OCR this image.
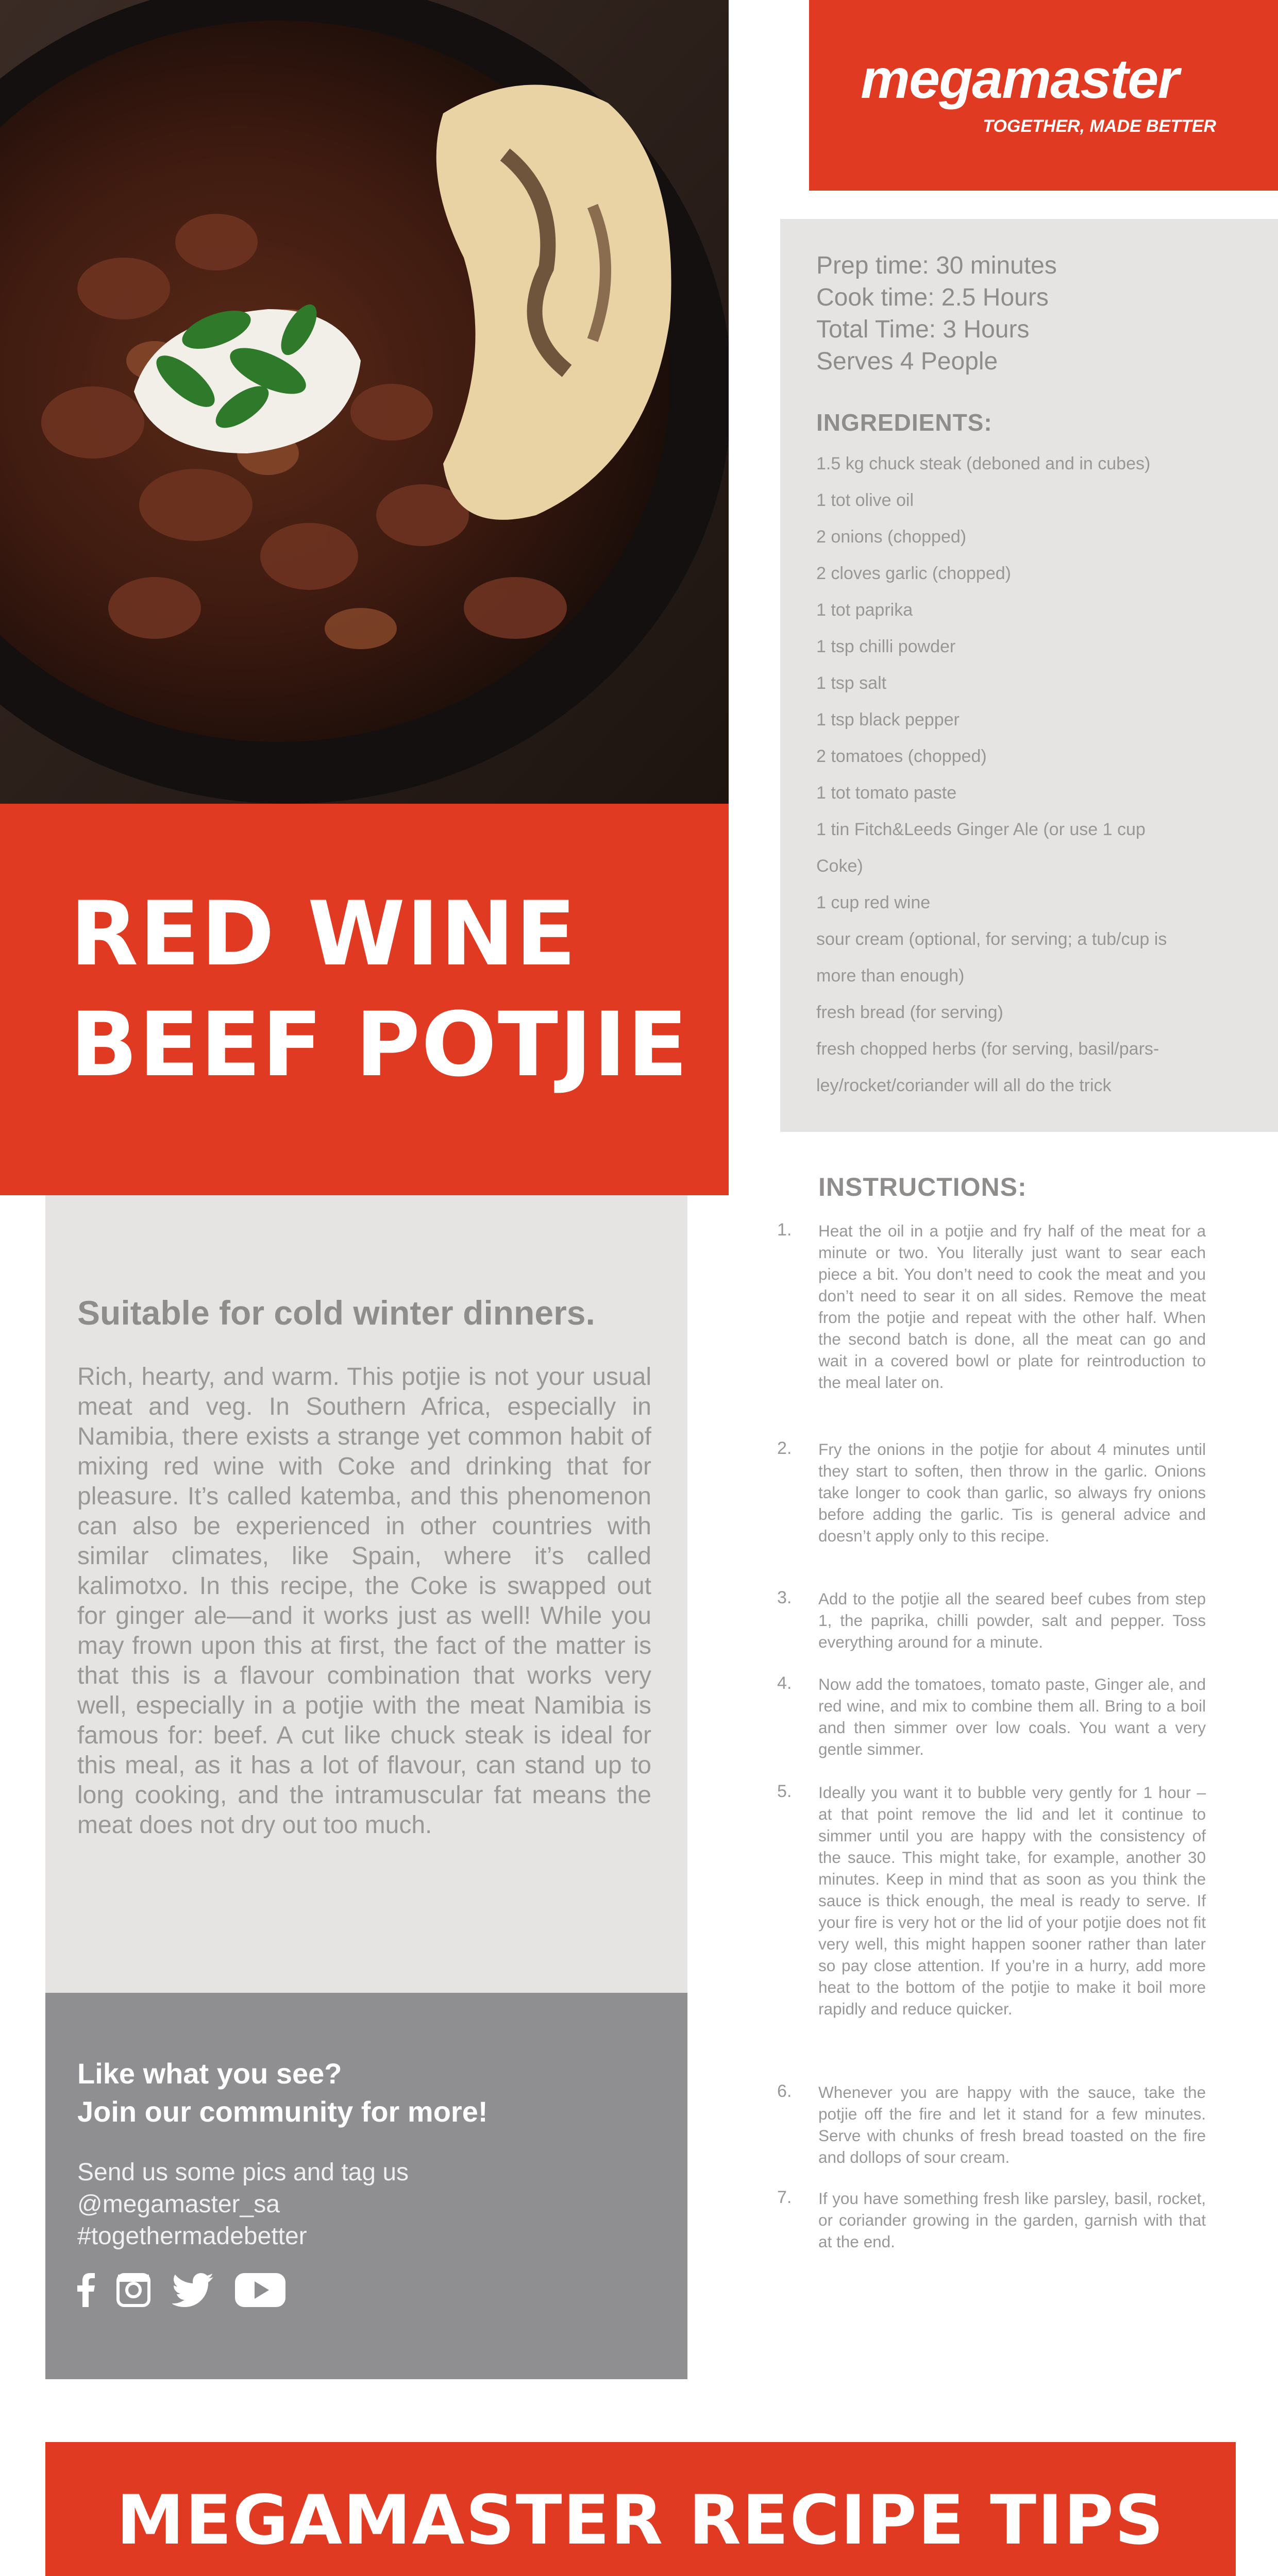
megamaster
TOGETHER, MADE BETTER
RED WINE
BEEF POTJIE
Prep time: 30 minutes
Cook time: 2.5 Hours
Total Time: 3 Hours
Serves 4 People
INGREDIENTS:
1.5 kg chuck steak (deboned and in cubes)
1 tot olive oil
2 onions (chopped)
2 cloves garlic (chopped)
1 tot paprika
1 tsp chilli powder
1 tsp salt
1 tsp black pepper
2 tomatoes (chopped)
1 tot tomato paste
1 tin Fitch&Leeds Ginger Ale (or use 1 cup
Coke)
1 cup red wine
sour cream (optional, for serving; a tub/cup is
more than enough)
fresh bread (for serving)
fresh chopped herbs (for serving, basil/pars-
ley/rocket/coriander will all do the trick
Suitable for cold winter dinners.
Rich, hearty, and warm. This potjie is not your usual meat and veg. In Southern Africa, especially in Namibia, there exists a strange yet common habit of mixing red wine with Coke and drinking that for pleasure. It’s called katemba, and this phenomenon can also be experienced in other countries with similar climates, like Spain, where it’s called kalimotxo. In this recipe, the Coke is swapped out for ginger ale—and it works just as well! While you may frown upon this at first, the fact of the matter is that this is a flavour combination that works very well, especially in a potjie with the meat Namibia is famous for: beef. A cut like chuck steak is ideal for this meal, as it has a lot of flavour, can stand up to long cooking, and the intramuscular fat means the meat does not dry out too much.
Like what you see?
Join our community for more!
Send us some pics and tag us
@megamaster_sa
#togethermadebetter
INSTRUCTIONS:
1. Heat the oil in a potjie and fry half of the meat for a minute or two. You literally just want to sear each piece a bit. You don’t need to cook the meat and you don’t need to sear it on all sides. Remove the meat from the potjie and repeat with the other half. When the second batch is done, all the meat can go and wait in a covered bowl or plate for reintroduction to the meal later on.
2. Fry the onions in the potjie for about 4 minutes until they start to soften, then throw in the garlic. Onions take longer to cook than garlic, so always fry onions before adding the garlic. Tis is general advice and doesn’t apply only to this recipe.
3. Add to the potjie all the seared beef cubes from step 1, the paprika, chilli powder, salt and pepper. Toss everything around for a minute.
4. Now add the tomatoes, tomato paste, Ginger ale, and red wine, and mix to combine them all. Bring to a boil and then simmer over low coals. You want a very gentle simmer.
5. Ideally you want it to bubble very gently for 1 hour – at that point remove the lid and let it continue to simmer until you are happy with the consistency of the sauce. This might take, for example, another 30 minutes. Keep in mind that as soon as you think the sauce is thick enough, the meal is ready to serve. If your fire is very hot or the lid of your potjie does not fit very well, this might happen sooner rather than later so pay close attention. If you’re in a hurry, add more heat to the bottom of the potjie to make it boil more rapidly and reduce quicker.
6. Whenever you are happy with the sauce, take the potjie off the fire and let it stand for a few minutes. Serve with chunks of fresh bread toasted on the fire and dollops of sour cream.
7. If you have something fresh like parsley, basil, rocket, or coriander growing in the garden, garnish with that at the end.
MEGAMASTER RECIPE TIPS
